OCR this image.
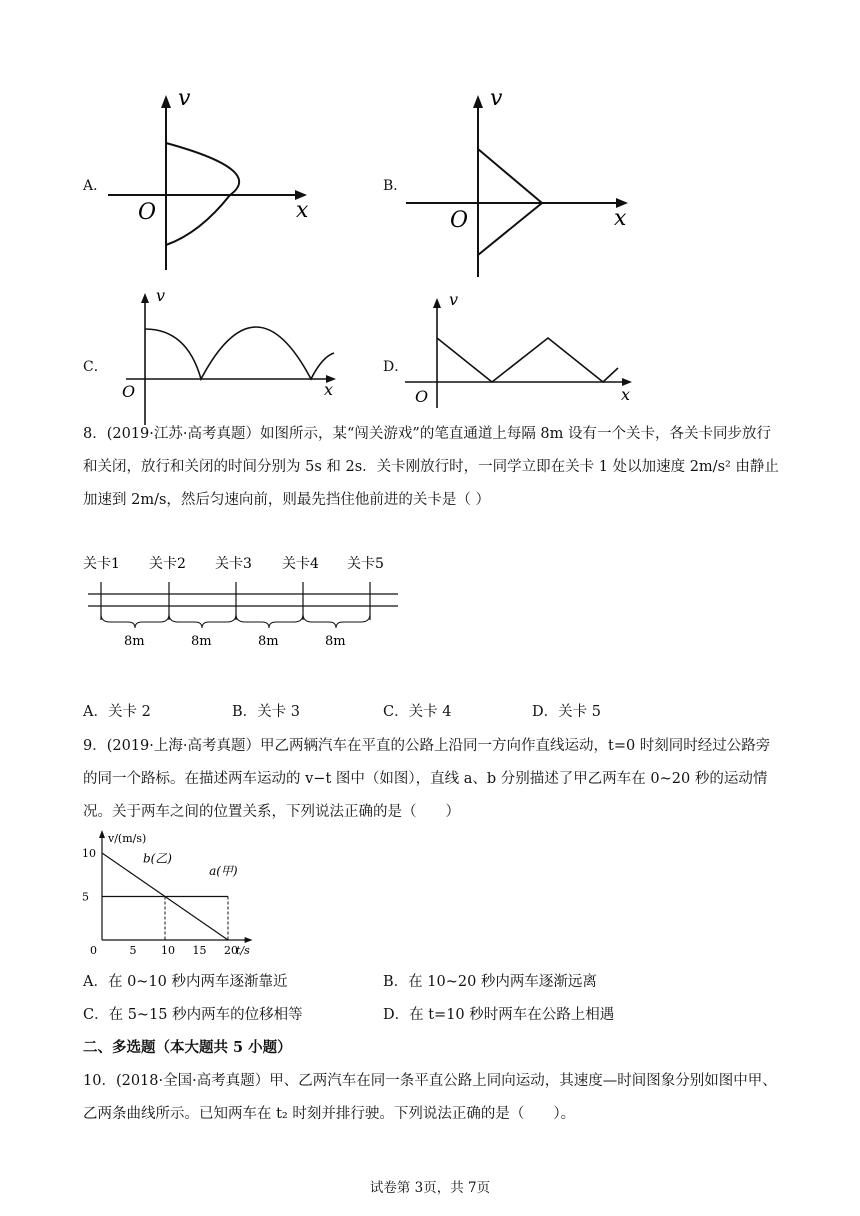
A．
v
x
O
B．
v
x
O
C．
v
x
O
D．
v
x
O
8．(2019·江苏·高考真题）如图所示，某“闯关游戏”的笔直通道上每隔 8m 设有一个关卡，各关卡同步放行
和关闭，放行和关闭的时间分别为 5s 和 2s．关卡刚放行时，一同学立即在关卡 1 处以加速度 2m/s² 由静止
加速到 2m/s，然后匀速向前，则最先挡住他前进的关卡是（ ）
关卡1 关卡2 关卡3 关卡4 关卡5
8m	8m	8m	8m
A．关卡 2	B．关卡 3	C．关卡 4	D．关卡 5
9．(2019·上海·高考真题）甲乙两辆汽车在平直的公路上沿同一方向作直线运动，t=0 时刻同时经过公路旁
的同一个路标。在描述两车运动的 v−t 图中（如图），直线 a、b 分别描述了甲乙两车在 0~20 秒的运动情
况。关于两车之间的位置关系，下列说法正确的是（　　）
0	5 10 15 20
5
10
v/(m/s)
t/s
b(乙)
a(甲)
A．在 0~10 秒内两车逐渐靠近	B．在 10~20 秒内两车逐渐远离
C．在 5~15 秒内两车的位移相等	D．在 t=10 秒时两车在公路上相遇
二、多选题（本大题共 5 小题）
10．(2018·全国·高考真题）甲、乙两汽车在同一条平直公路上同向运动，其速度—时间图象分别如图中甲、
乙两条曲线所示。已知两车在 t₂ 时刻并排行驶。下列说法正确的是（　　）。
试卷第 3页，共 7页
